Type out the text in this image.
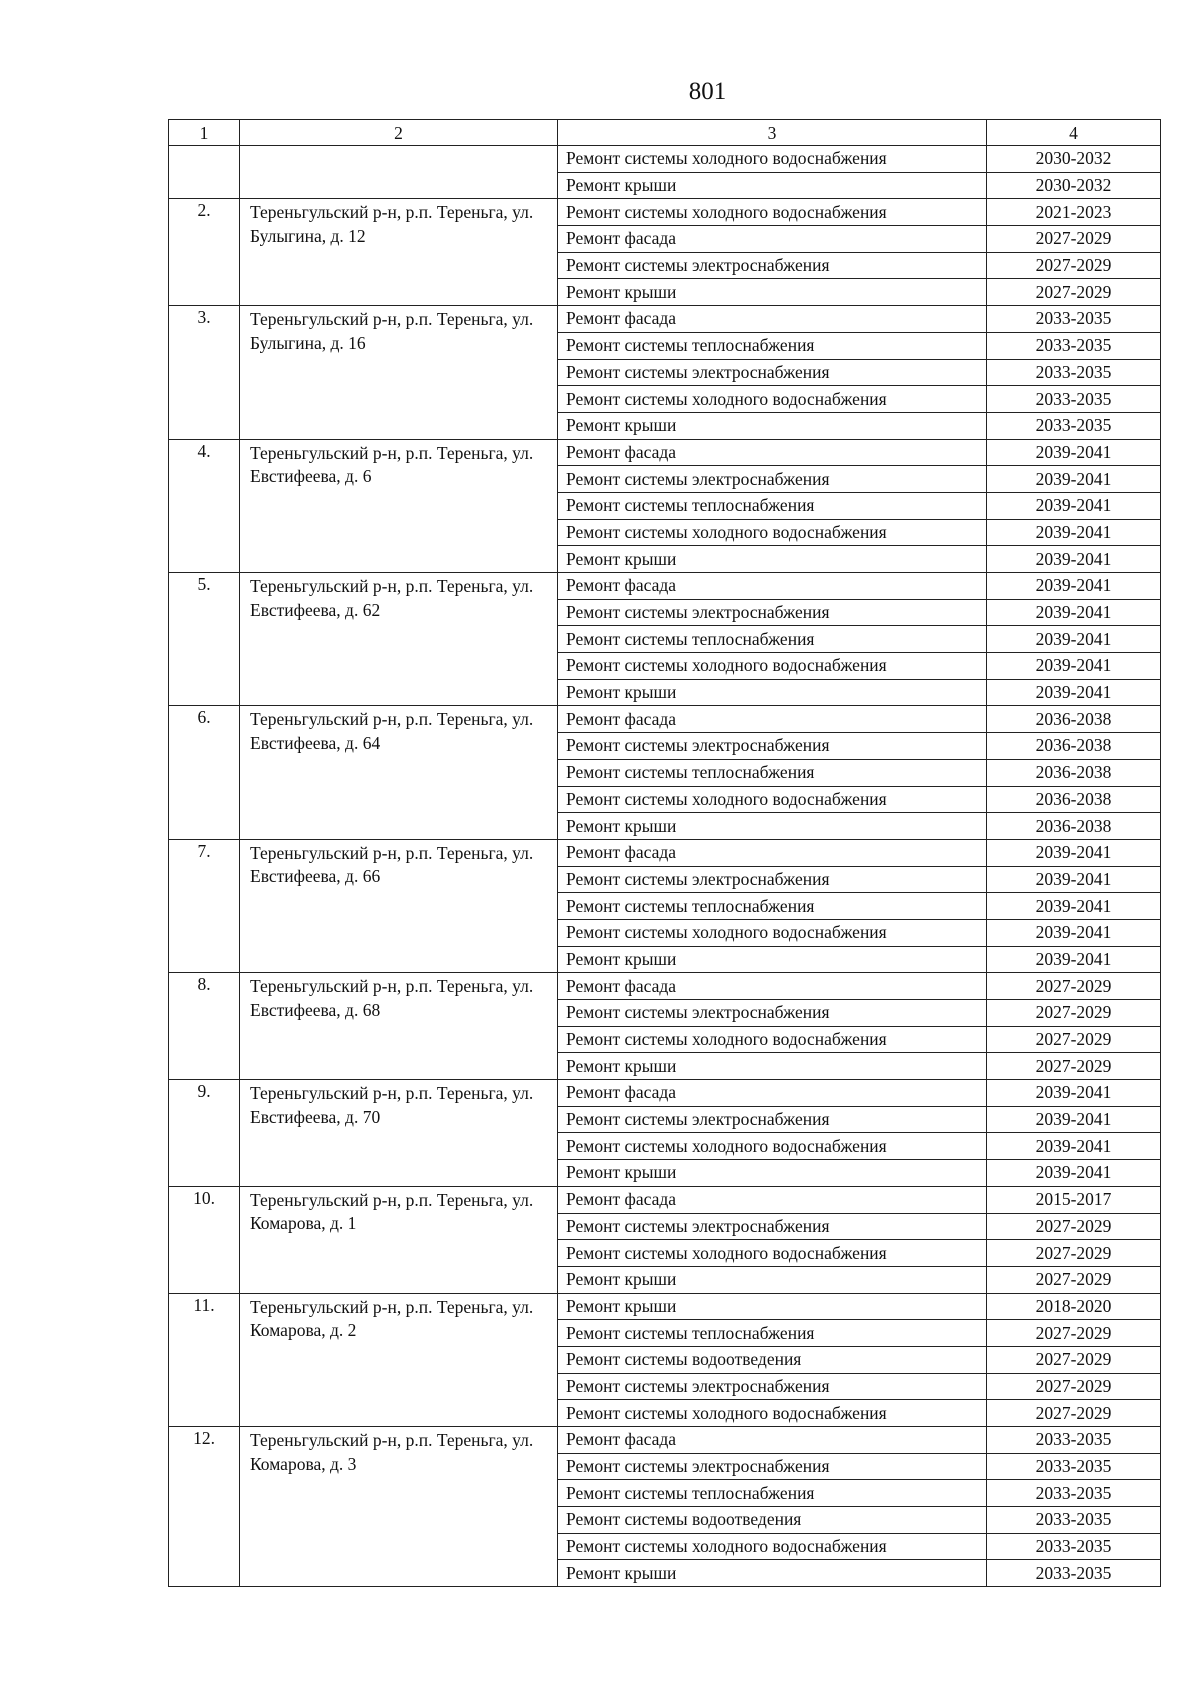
801
1	2	3	4
		Ремонт системы холодного водоснабжения	2030-2032
		Ремонт крыши	2030-2032
2.	Тереньгульский р-н, р.п. Тереньга, ул. Булыгина, д. 12	Ремонт системы холодного водоснабжения	2021-2023
		Ремонт фасада	2027-2029
		Ремонт системы электроснабжения	2027-2029
		Ремонт крыши	2027-2029
3.	Тереньгульский р-н, р.п. Тереньга, ул. Булыгина, д. 16	Ремонт фасада	2033-2035
		Ремонт системы теплоснабжения	2033-2035
		Ремонт системы электроснабжения	2033-2035
		Ремонт системы холодного водоснабжения	2033-2035
		Ремонт крыши	2033-2035
4.	Тереньгульский р-н, р.п. Тереньга, ул. Евстифеева, д. 6	Ремонт фасада	2039-2041
		Ремонт системы электроснабжения	2039-2041
		Ремонт системы теплоснабжения	2039-2041
		Ремонт системы холодного водоснабжения	2039-2041
		Ремонт крыши	2039-2041
5.	Тереньгульский р-н, р.п. Тереньга, ул. Евстифеева, д. 62	Ремонт фасада	2039-2041
		Ремонт системы электроснабжения	2039-2041
		Ремонт системы теплоснабжения	2039-2041
		Ремонт системы холодного водоснабжения	2039-2041
		Ремонт крыши	2039-2041
6.	Тереньгульский р-н, р.п. Тереньга, ул. Евстифеева, д. 64	Ремонт фасада	2036-2038
		Ремонт системы электроснабжения	2036-2038
		Ремонт системы теплоснабжения	2036-2038
		Ремонт системы холодного водоснабжения	2036-2038
		Ремонт крыши	2036-2038
7.	Тереньгульский р-н, р.п. Тереньга, ул. Евстифеева, д. 66	Ремонт фасада	2039-2041
		Ремонт системы электроснабжения	2039-2041
		Ремонт системы теплоснабжения	2039-2041
		Ремонт системы холодного водоснабжения	2039-2041
		Ремонт крыши	2039-2041
8.	Тереньгульский р-н, р.п. Тереньга, ул. Евстифеева, д. 68	Ремонт фасада	2027-2029
		Ремонт системы электроснабжения	2027-2029
		Ремонт системы холодного водоснабжения	2027-2029
		Ремонт крыши	2027-2029
9.	Тереньгульский р-н, р.п. Тереньга, ул. Евстифеева, д. 70	Ремонт фасада	2039-2041
		Ремонт системы электроснабжения	2039-2041
		Ремонт системы холодного водоснабжения	2039-2041
		Ремонт крыши	2039-2041
10.	Тереньгульский р-н, р.п. Тереньга, ул. Комарова, д. 1	Ремонт фасада	2015-2017
		Ремонт системы электроснабжения	2027-2029
		Ремонт системы холодного водоснабжения	2027-2029
		Ремонт крыши	2027-2029
11.	Тереньгульский р-н, р.п. Тереньга, ул. Комарова, д. 2	Ремонт крыши	2018-2020
		Ремонт системы теплоснабжения	2027-2029
		Ремонт системы водоотведения	2027-2029
		Ремонт системы электроснабжения	2027-2029
		Ремонт системы холодного водоснабжения	2027-2029
12.	Тереньгульский р-н, р.п. Тереньга, ул. Комарова, д. 3	Ремонт фасада	2033-2035
		Ремонт системы электроснабжения	2033-2035
		Ремонт системы теплоснабжения	2033-2035
		Ремонт системы водоотведения	2033-2035
		Ремонт системы холодного водоснабжения	2033-2035
		Ремонт крыши	2033-2035
